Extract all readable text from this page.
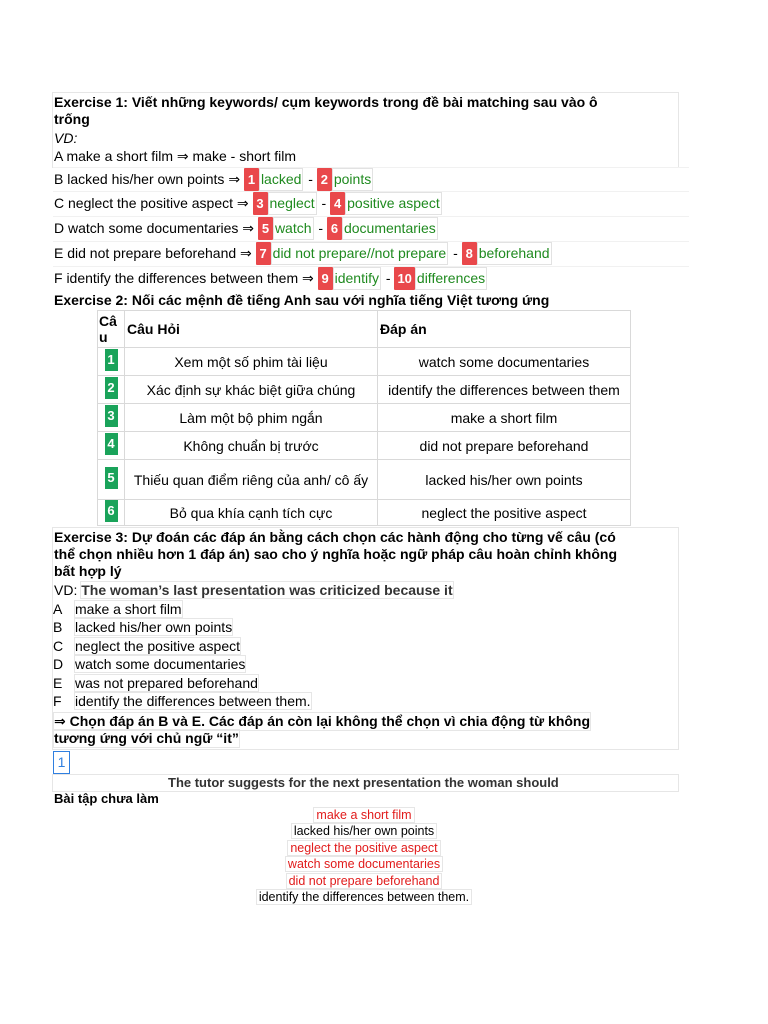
Exercise 1: Viết những keywords/ cụm keywords trong đề bài matching sau vào ô
trống
VD:
A make a short film ⇒ make - short film
B lacked his/her own points ⇒ 1 lacked - 2 points
C neglect the positive aspect ⇒ 3 neglect - 4 positive aspect
D watch some documentaries ⇒ 5 watch - 6 documentaries
E did not prepare beforehand ⇒ 7 did not prepare//not prepare - 8 beforehand
F identify the differences between them ⇒ 9 identify - 10 differences
Exercise 2: Nối các mệnh đề tiếng Anh sau với nghĩa tiếng Việt tương ứng
Câ u	Câu Hỏi	Đáp án
1	Xem một số phim tài liệu	watch some documentaries
2	Xác định sự khác biệt giữa chúng	identify the differences between them
3	Làm một bộ phim ngắn	make a short film
4	Không chuẩn bị trước	did not prepare beforehand
5	Thiếu quan điểm riêng của anh/ cô ấy	lacked his/her own points
6	Bỏ qua khía cạnh tích cực	neglect the positive aspect
Exercise 3: Dự đoán các đáp án bằng cách chọn các hành động cho từng vế câu (có
thể chọn nhiều hơn 1 đáp án) sao cho ý nghĩa hoặc ngữ pháp câu hoàn chỉnh không
bất hợp lý
VD: The woman’s last presentation was criticized because it
A make a short film
B lacked his/her own points
C neglect the positive aspect
D watch some documentaries
E was not prepared beforehand
F identify the differences between them.
⇒ Chọn đáp án B và E. Các đáp án còn lại không thể chọn vì chia động từ không tương ứng với chủ ngữ “it”
1
The tutor suggests for the next presentation the woman should
Bài tập chưa làm
make a short film
lacked his/her own points
neglect the positive aspect
watch some documentaries
did not prepare beforehand
identify the differences between them.
